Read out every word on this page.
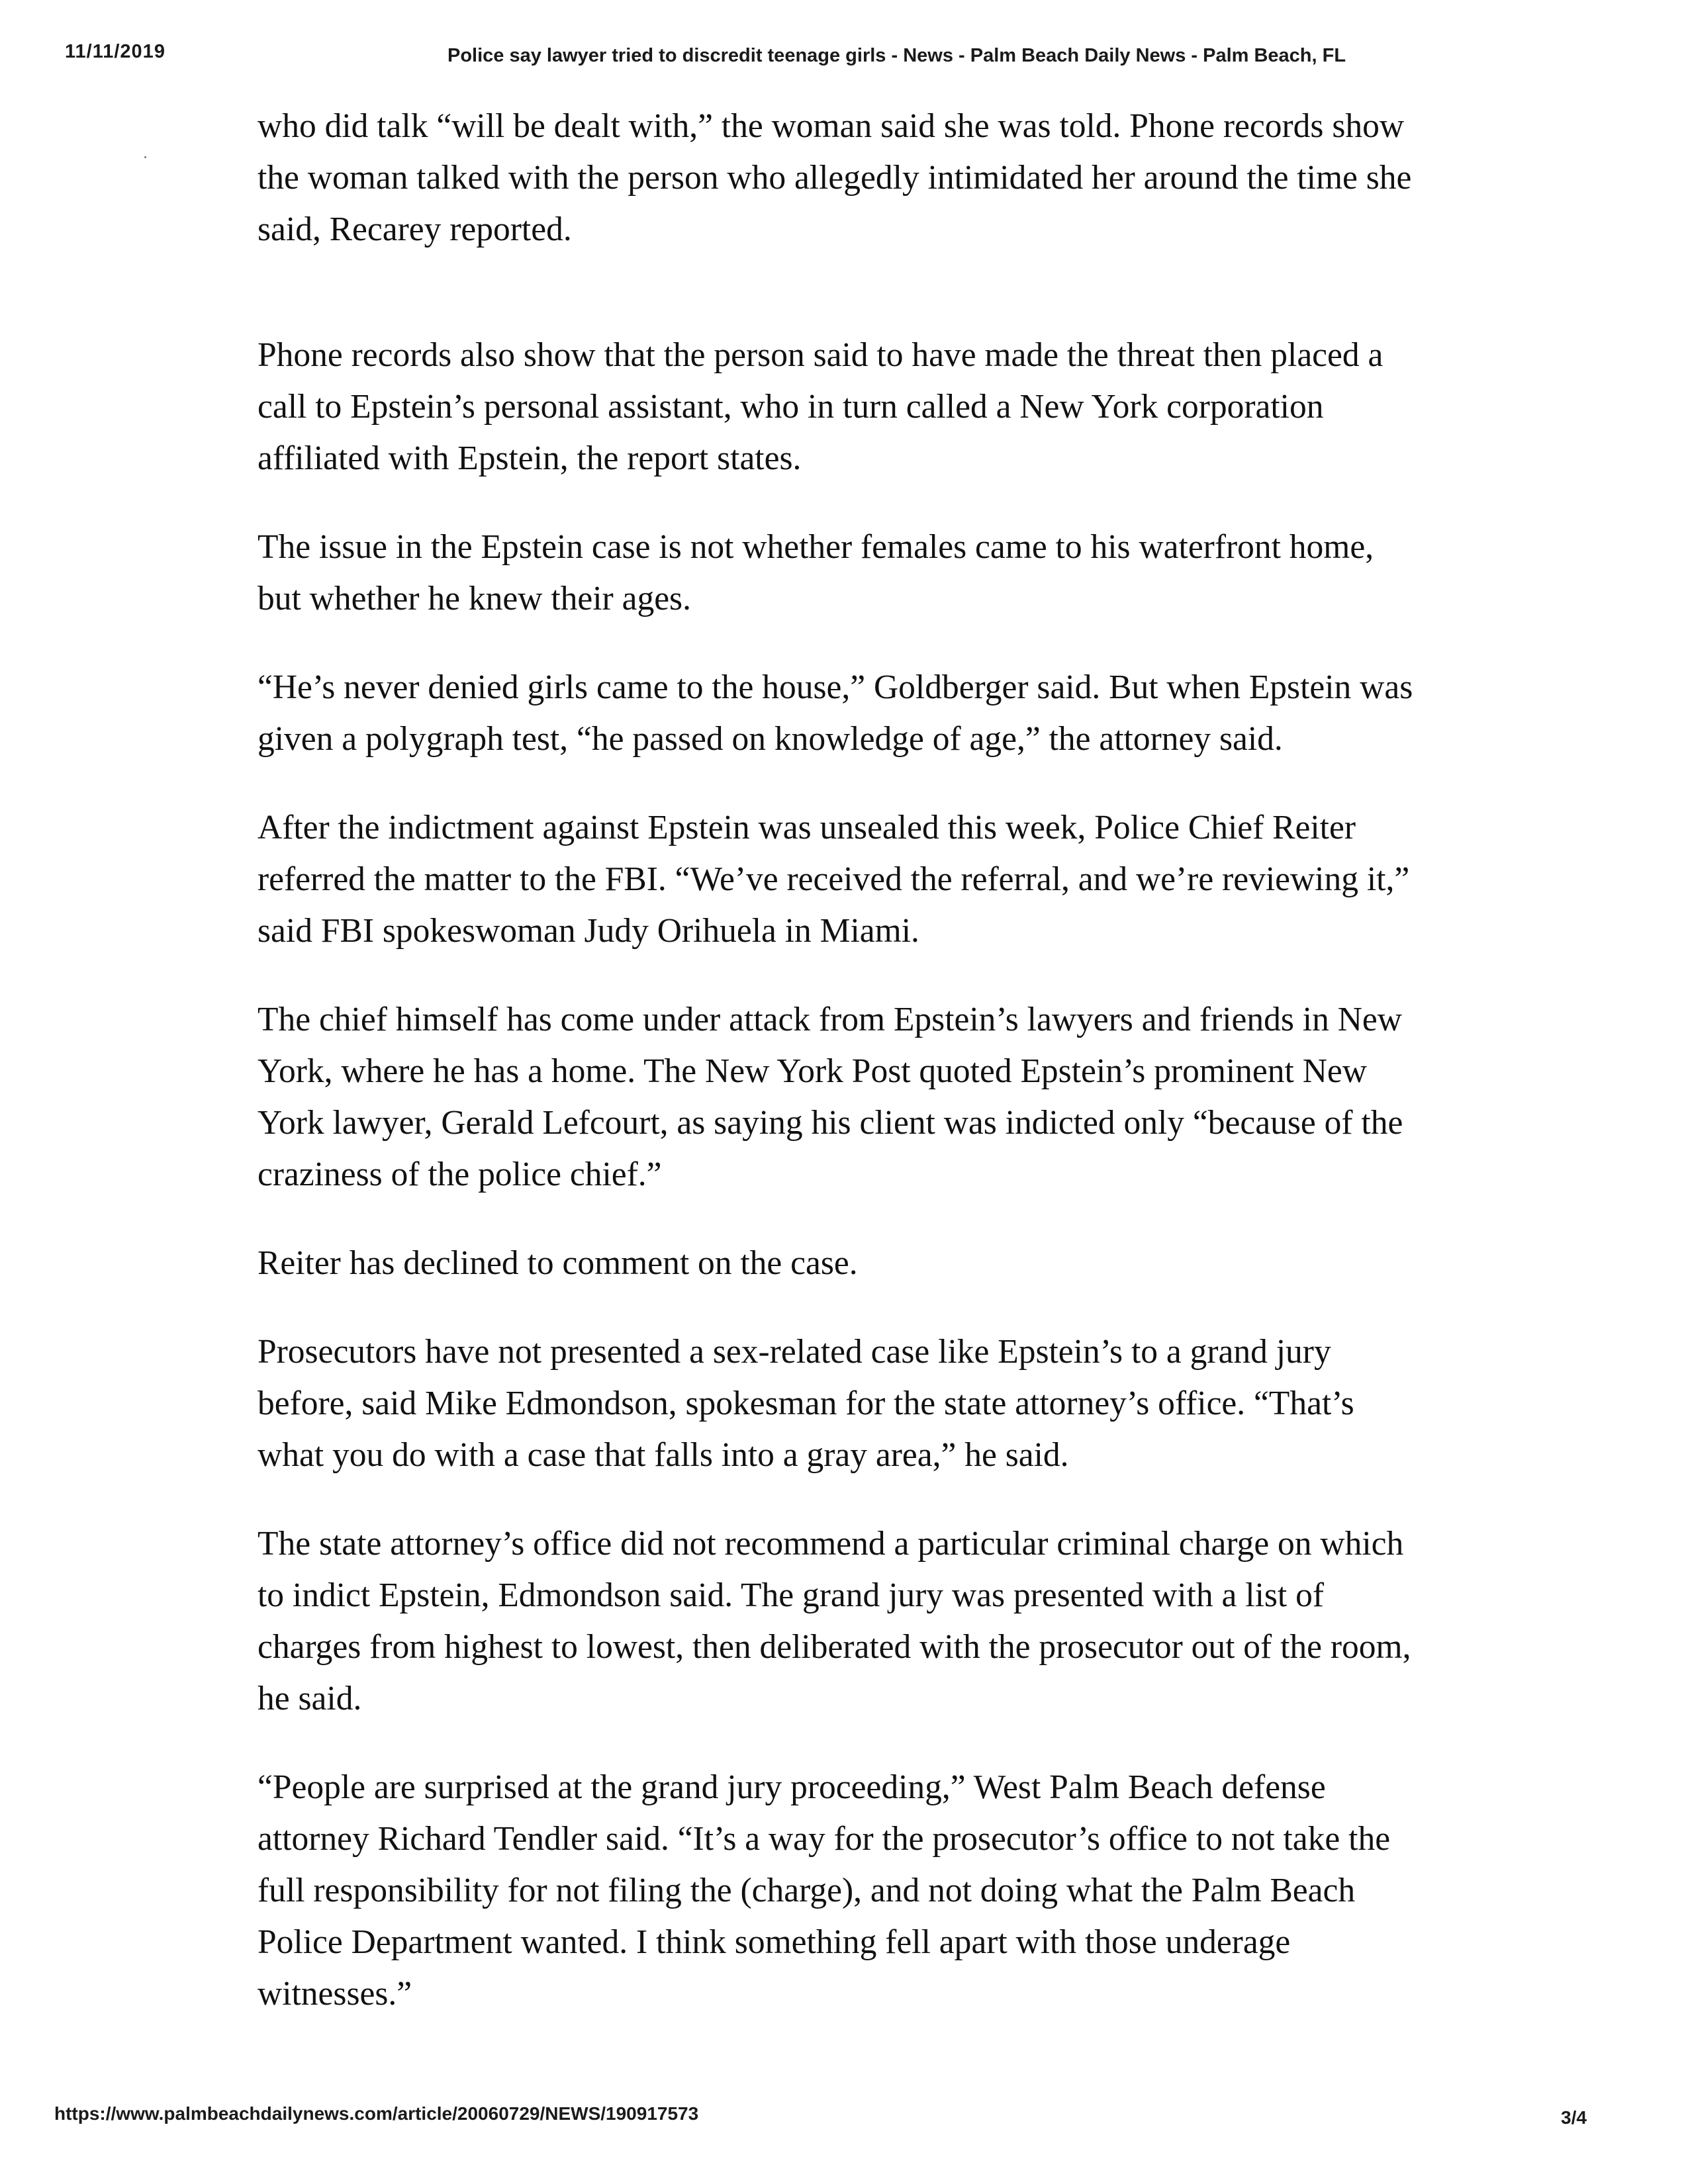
11/11/2019	Police say lawyer tried to discredit teenage girls - News - Palm Beach Daily News - Palm Beach, FL

who did talk “will be dealt with,” the woman said she was told. Phone records show the woman talked with the person who allegedly intimidated her around the time she said, Recarey reported.

Phone records also show that the person said to have made the threat then placed a call to Epstein’s personal assistant, who in turn called a New York corporation affiliated with Epstein, the report states.

The issue in the Epstein case is not whether females came to his waterfront home, but whether he knew their ages.

“He’s never denied girls came to the house,” Goldberger said. But when Epstein was given a polygraph test, “he passed on knowledge of age,” the attorney said.

After the indictment against Epstein was unsealed this week, Police Chief Reiter referred the matter to the FBI. “We’ve received the referral, and we’re reviewing it,” said FBI spokeswoman Judy Orihuela in Miami.

The chief himself has come under attack from Epstein’s lawyers and friends in New York, where he has a home. The New York Post quoted Epstein’s prominent New York lawyer, Gerald Lefcourt, as saying his client was indicted only “because of the craziness of the police chief.”

Reiter has declined to comment on the case.

Prosecutors have not presented a sex-related case like Epstein’s to a grand jury before, said Mike Edmondson, spokesman for the state attorney’s office. “That’s what you do with a case that falls into a gray area,” he said.

The state attorney’s office did not recommend a particular criminal charge on which to indict Epstein, Edmondson said. The grand jury was presented with a list of charges from highest to lowest, then deliberated with the prosecutor out of the room, he said.

“People are surprised at the grand jury proceeding,” West Palm Beach defense attorney Richard Tendler said. “It’s a way for the prosecutor’s office to not take the full responsibility for not filing the (charge), and not doing what the Palm Beach Police Department wanted. I think something fell apart with those underage witnesses.”

https://www.palmbeachdailynews.com/article/20060729/NEWS/190917573	3/4
